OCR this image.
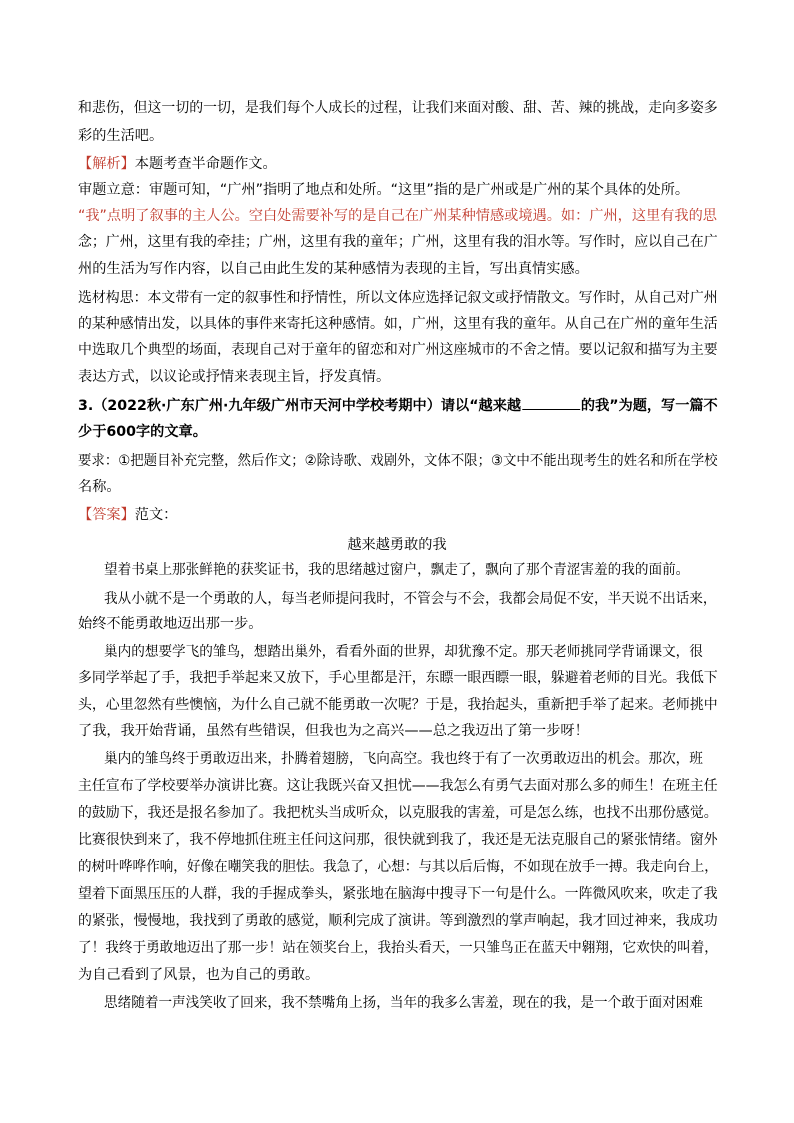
和悲伤，但这一切的一切，是我们每个人成长的过程，让我们来面对酸、甜、苦、辣的挑战，走向多姿多
彩的生活吧。
【解析】本题考查半命题作文。
审题立意：审题可知，“广州”指明了地点和处所。“这里”指的是广州或是广州的某个具体的处所。
“我”点明了叙事的主人公。空白处需要补写的是自己在广州某种情感或境遇。如：广州，这里有我的思
念；广州，这里有我的牵挂；广州，这里有我的童年；广州，这里有我的泪水等。写作时，应以自己在广
州的生活为写作内容，以自己由此生发的某种感情为表现的主旨，写出真情实感。
选材构思：本文带有一定的叙事性和抒情性，所以文体应选择记叙文或抒情散文。写作时，从自己对广州
的某种感情出发，以具体的事件来寄托这种感情。如，广州，这里有我的童年。从自己在广州的童年生活
中选取几个典型的场面，表现自己对于童年的留恋和对广州这座城市的不舍之情。要以记叙和描写为主要
表达方式，以议论或抒情来表现主旨，抒发真情。
3.（2022秋·广东广州·九年级广州市天河中学校考期中）请以“越来越	的我”为题，写一篇不
少于600字的文章。
要求：①把题目补充完整，然后作文；②除诗歌、戏剧外，文体不限；③文中不能出现考生的姓名和所在学校
名称。
【答案】范文：
越来越勇敢的我
望着书桌上那张鲜艳的获奖证书，我的思绪越过窗户，飘走了，飘向了那个青涩害羞的我的面前。
我从小就不是一个勇敢的人，每当老师提问我时，不管会与不会，我都会局促不安，半天说不出话来，
始终不能勇敢地迈出那一步。
巢内的想要学飞的雏鸟，想踏出巢外，看看外面的世界，却犹豫不定。那天老师挑同学背诵课文，很
多同学举起了手，我把手举起来又放下，手心里都是汗，东瞟一眼西瞟一眼，躲避着老师的目光。我低下
头，心里忽然有些懊恼，为什么自己就不能勇敢一次呢？于是，我抬起头，重新把手举了起来。老师挑中
了我，我开始背诵，虽然有些错误，但我也为之高兴——总之我迈出了第一步呀！
巢内的雏鸟终于勇敢迈出来，扑腾着翅膀，飞向高空。我也终于有了一次勇敢迈出的机会。那次，班
主任宣布了学校要举办演讲比赛。这让我既兴奋又担忧——我怎么有勇气去面对那么多的师生！在班主任
的鼓励下，我还是报名参加了。我把枕头当成听众，以克服我的害羞，可是怎么练，也找不出那份感觉。
比赛很快到来了，我不停地抓住班主任问这问那，很快就到我了，我还是无法克服自己的紧张情绪。窗外
的树叶哗哗作响，好像在嘲笑我的胆怯。我急了，心想：与其以后后悔，不如现在放手一搏。我走向台上，
望着下面黑压压的人群，我的手握成拳头，紧张地在脑海中搜寻下一句是什么。一阵微风吹来，吹走了我
的紧张，慢慢地，我找到了勇敢的感觉，顺利完成了演讲。等到激烈的掌声响起，我才回过神来，我成功
了！我终于勇敢地迈出了那一步！站在领奖台上，我抬头看天，一只雏鸟正在蓝天中翱翔，它欢快的叫着，
为自己看到了风景，也为自己的勇敢。
思绪随着一声浅笑收了回来，我不禁嘴角上扬，当年的我多么害羞，现在的我，是一个敢于面对困难
